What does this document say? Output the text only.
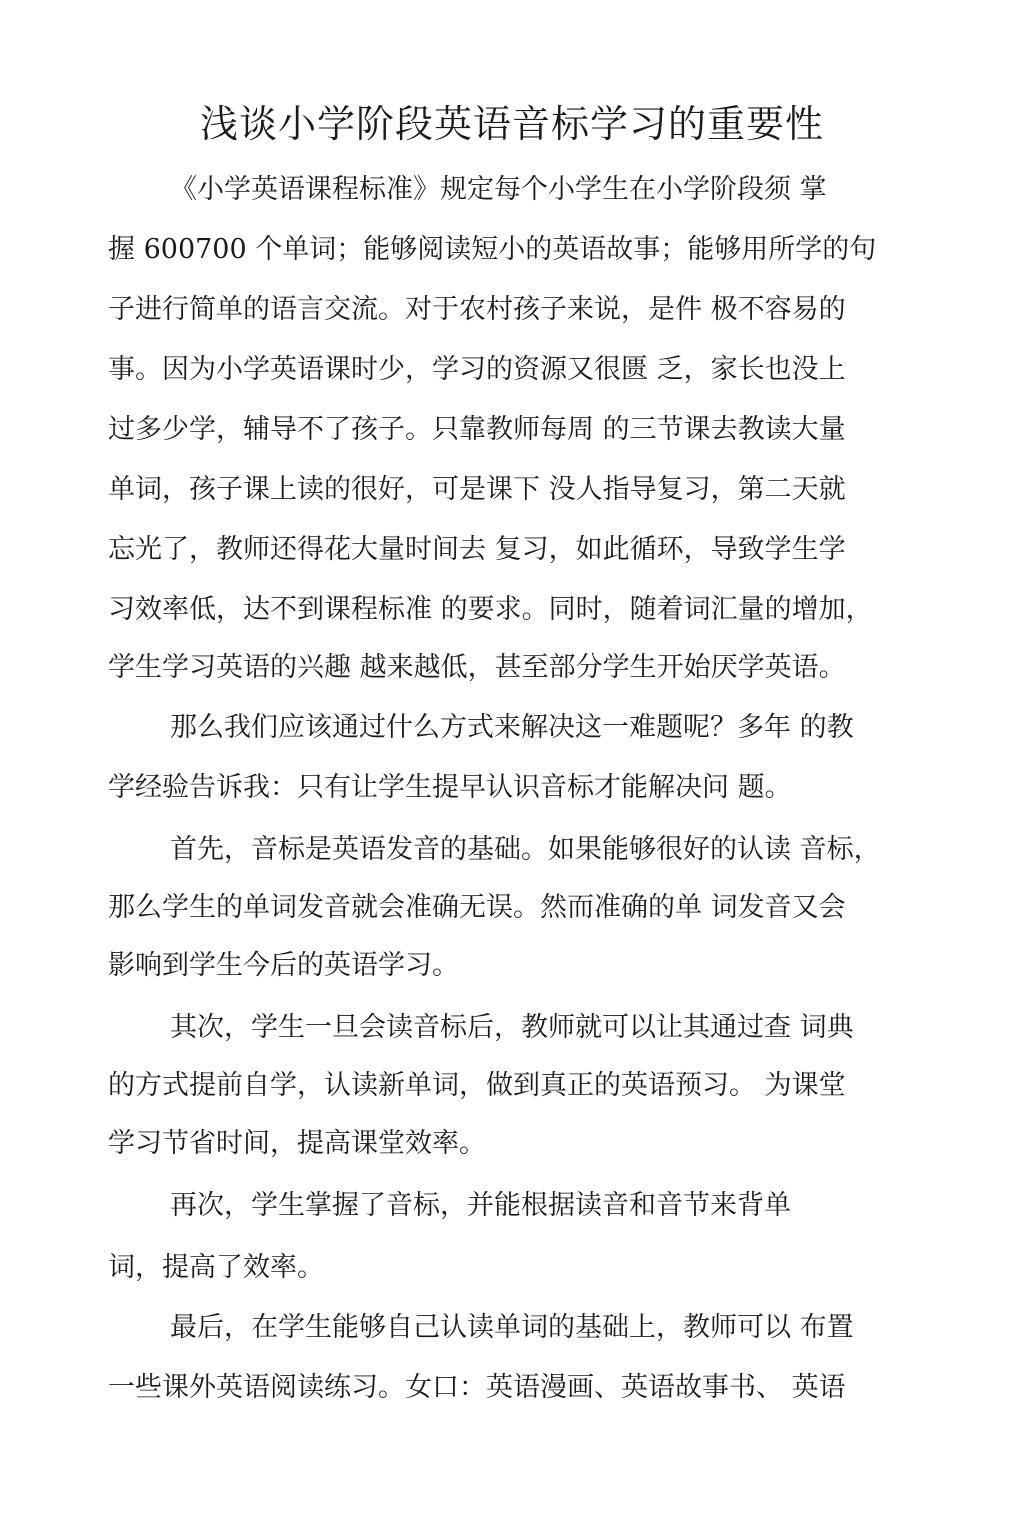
浅谈小学阶段英语音标学习的重要性
《小学英语课程标准》规定每个小学生在小学阶段须 掌
握 600700 个单词；能够阅读短小的英语故事；能够用所学的句
子进行简单的语言交流。对于农村孩子来说，是件 极不容易的
事。因为小学英语课时少，学习的资源又很匮 乏，家长也没上
过多少学，辅导不了孩子。只靠教师每周 的三节课去教读大量
单词，孩子课上读的很好，可是课下 没人指导复习，第二天就
忘光了，教师还得花大量时间去 复习，如此循环，导致学生学
习效率低，达不到课程标准 的要求。同时，随着词汇量的增加，
学生学习英语的兴趣 越来越低，甚至部分学生开始厌学英语。
那么我们应该通过什么方式来解决这一难题呢？多年 的教
学经验告诉我：只有让学生提早认识音标才能解决问 题。
首先，音标是英语发音的基础。如果能够很好的认读 音标，
那么学生的单词发音就会准确无误。然而准确的单 词发音又会
影响到学生今后的英语学习。
其次，学生一旦会读音标后，教师就可以让其通过查 词典
的方式提前自学，认读新单词，做到真正的英语预习。 为课堂
学习节省时间，提高课堂效率。
再次，学生掌握了音标，并能根据读音和音节来背单
词，提高了效率。
最后，在学生能够自己认读单词的基础上，教师可以 布置
一些课外英语阅读练习。女口：英语漫画、英语故事书、 英语
